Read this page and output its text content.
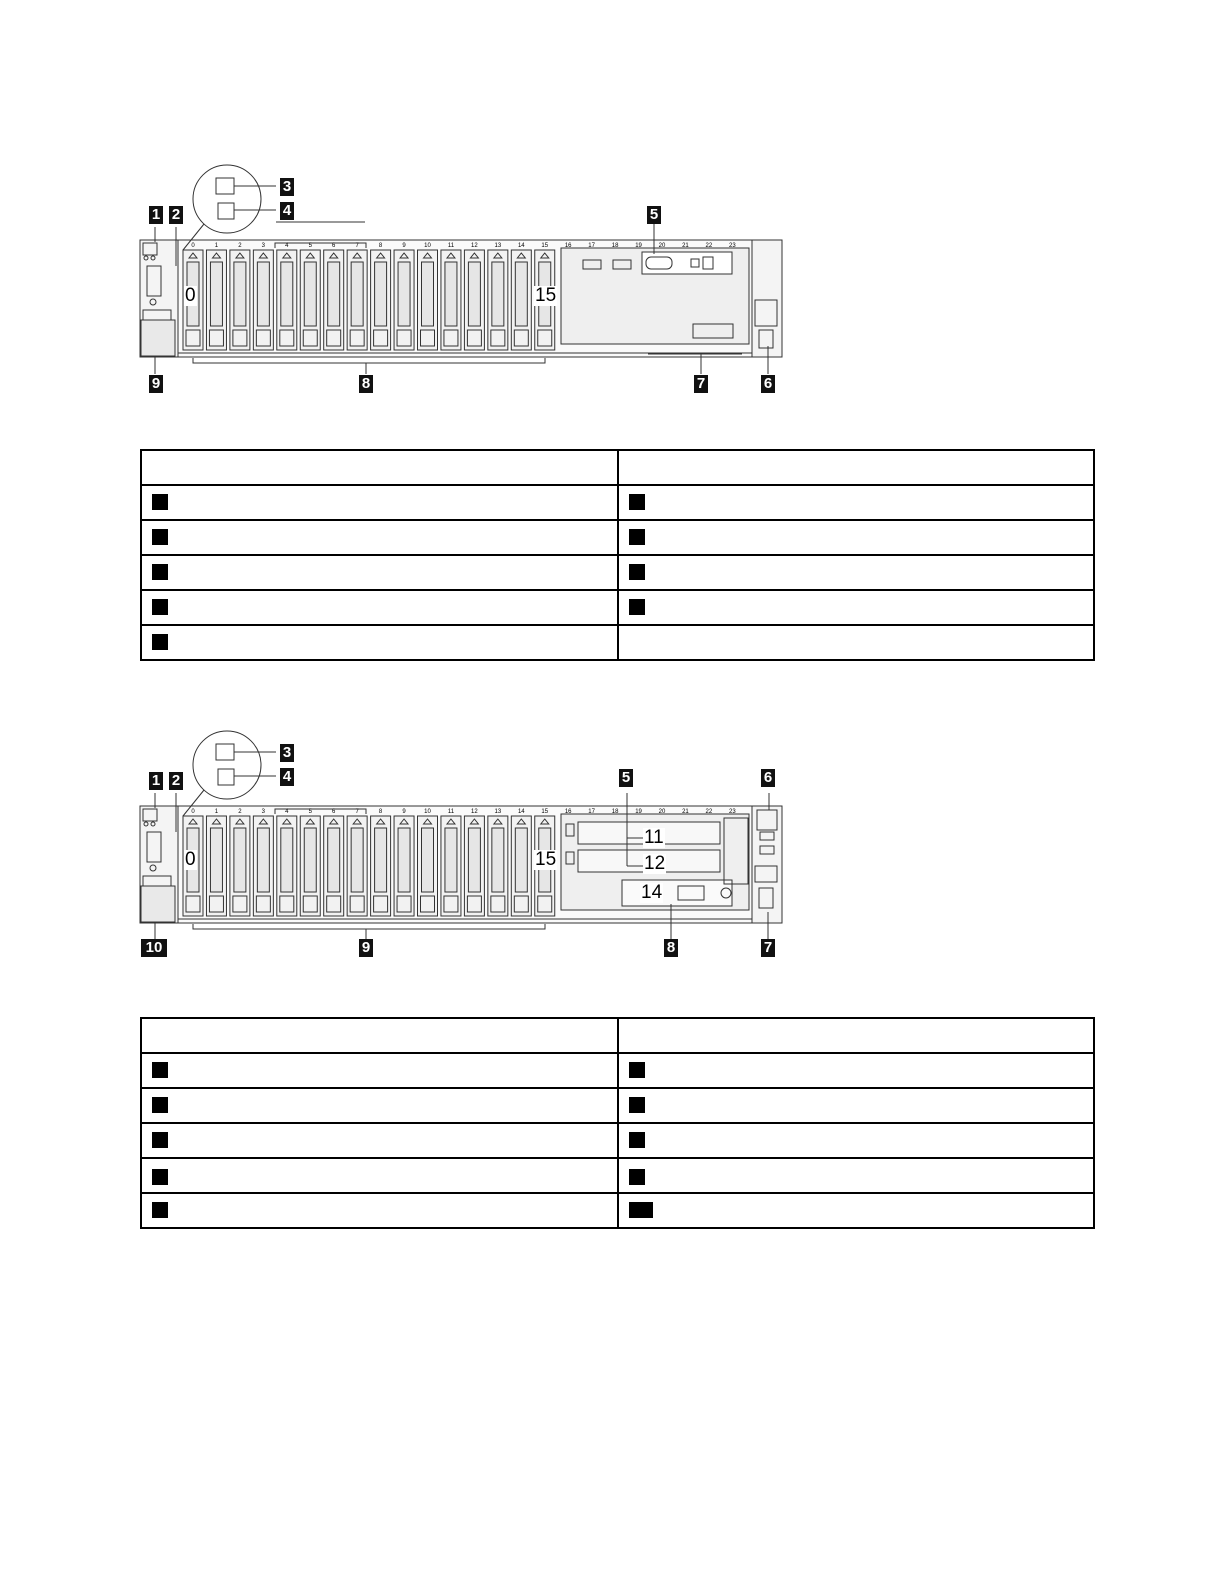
0	1	2	3	4	5	6	7	8	9	10	11	12	13	14	15	16	17	18	19	20	21	22	23
0	15
1 2
3
4	5
6
7
8
9

0	1	2	3	4	5	6	7	8	9	10	11	12	13	14	15	16	17	18	19	20	21	22	23
0	15
11
12
14
1 2
3
4	5	6
7
8
9
10
